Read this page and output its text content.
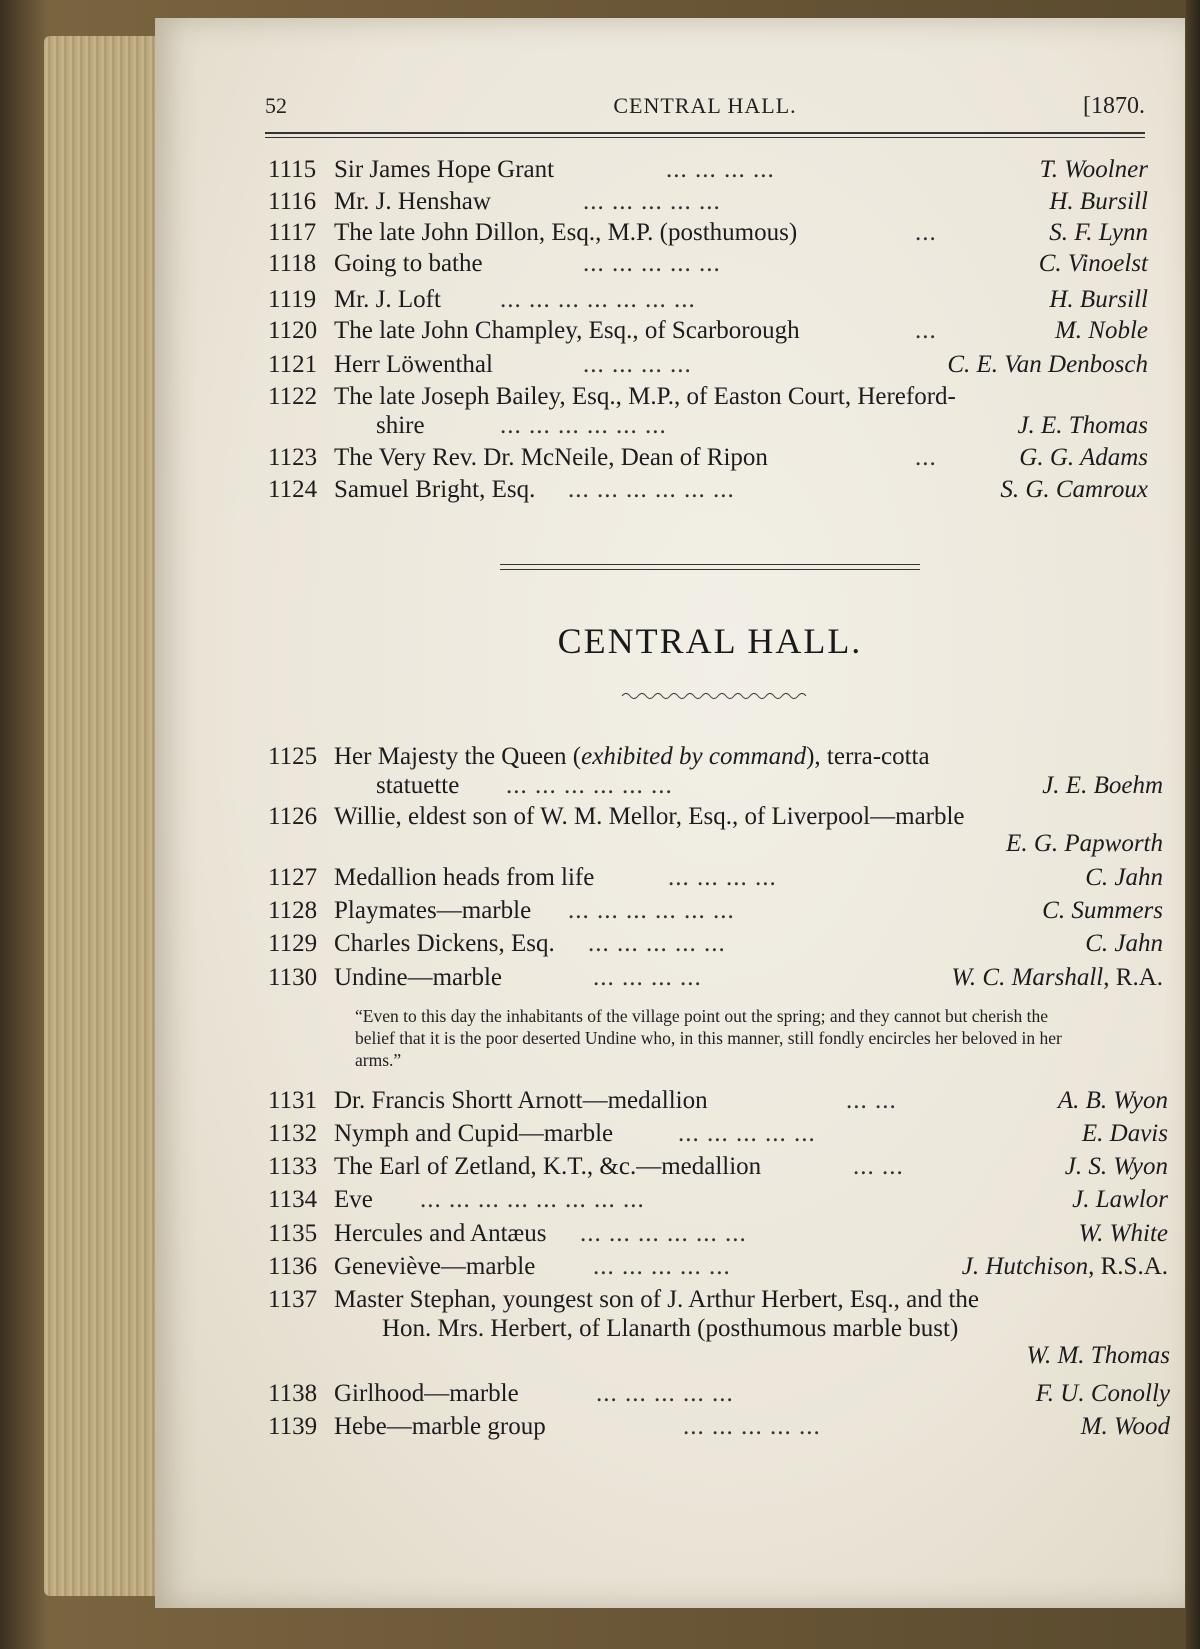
52	CENTRAL HALL.	[1870.
1115 Sir James Hope Grant	... ... ... ...	T. Woolner
1116 Mr. J. Henshaw	... ... ... ... ...	H. Bursill
1117 The late John Dillon, Esq., M.P. (posthumous)	...	S. F. Lynn
1118 Going to bathe	... ... ... ... ...	C. Vinoelst
1119 Mr. J. Loft ... ... ... ... ... ... ...	H. Bursill
1120 The late John Champley, Esq., of Scarborough	...	M. Noble
1121 Herr Löwenthal	... ... ... ...	C. E. Van Denbosch
1122 The late Joseph Bailey, Esq., M.P., of Easton Court, Hereford-
shire	... ... ... ... ... ...	J. E. Thomas
1123 The Very Rev. Dr. McNeile, Dean of Ripon	...	G. G. Adams
1124 Samuel Bright, Esq. ... ... ... ... ... ...	S. G. Camroux
CENTRAL HALL.
1125 Her Majesty the Queen (exhibited by command), terra-cotta
statuette ... ... ... ... ... ...	J. E. Boehm
1126 Willie, eldest son of W. M. Mellor, Esq., of Liverpool—marble
E. G. Papworth
1127 Medallion heads from life	... ... ... ...	C. Jahn
1128 Playmates—marble ... ... ... ... ... ...	C. Summers
1129 Charles Dickens, Esq. ... ... ... ... ...	C. Jahn
1130 Undine—marble	... ... ... ...	W. C. Marshall, R.A.
“Even to this day the inhabitants of the village point out the spring; and they cannot but cherish the belief that it is the poor deserted Undine who, in this manner, still fondly encircles her beloved in her arms.”
1131 Dr. Francis Shortt Arnott—medallion	... ...	A. B. Wyon
1132 Nymph and Cupid—marble	... ... ... ... ...	E. Davis
1133 The Earl of Zetland, K.T., &c.—medallion	... ...	J. S. Wyon
1134 Eve ... ... ... ... ... ... ... ...	J. Lawlor
1135 Hercules and Antæus ... ... ... ... ... ...	W. White
1136 Geneviève—marble ... ... ... ... ...	J. Hutchison, R.S.A.
1137 Master Stephan, youngest son of J. Arthur Herbert, Esq., and the
Hon. Mrs. Herbert, of Llanarth (posthumous marble bust)
W. M. Thomas
1138 Girlhood—marble	... ... ... ... ...	F. U. Conolly
1139 Hebe—marble group	... ... ... ... ...	M. Wood
